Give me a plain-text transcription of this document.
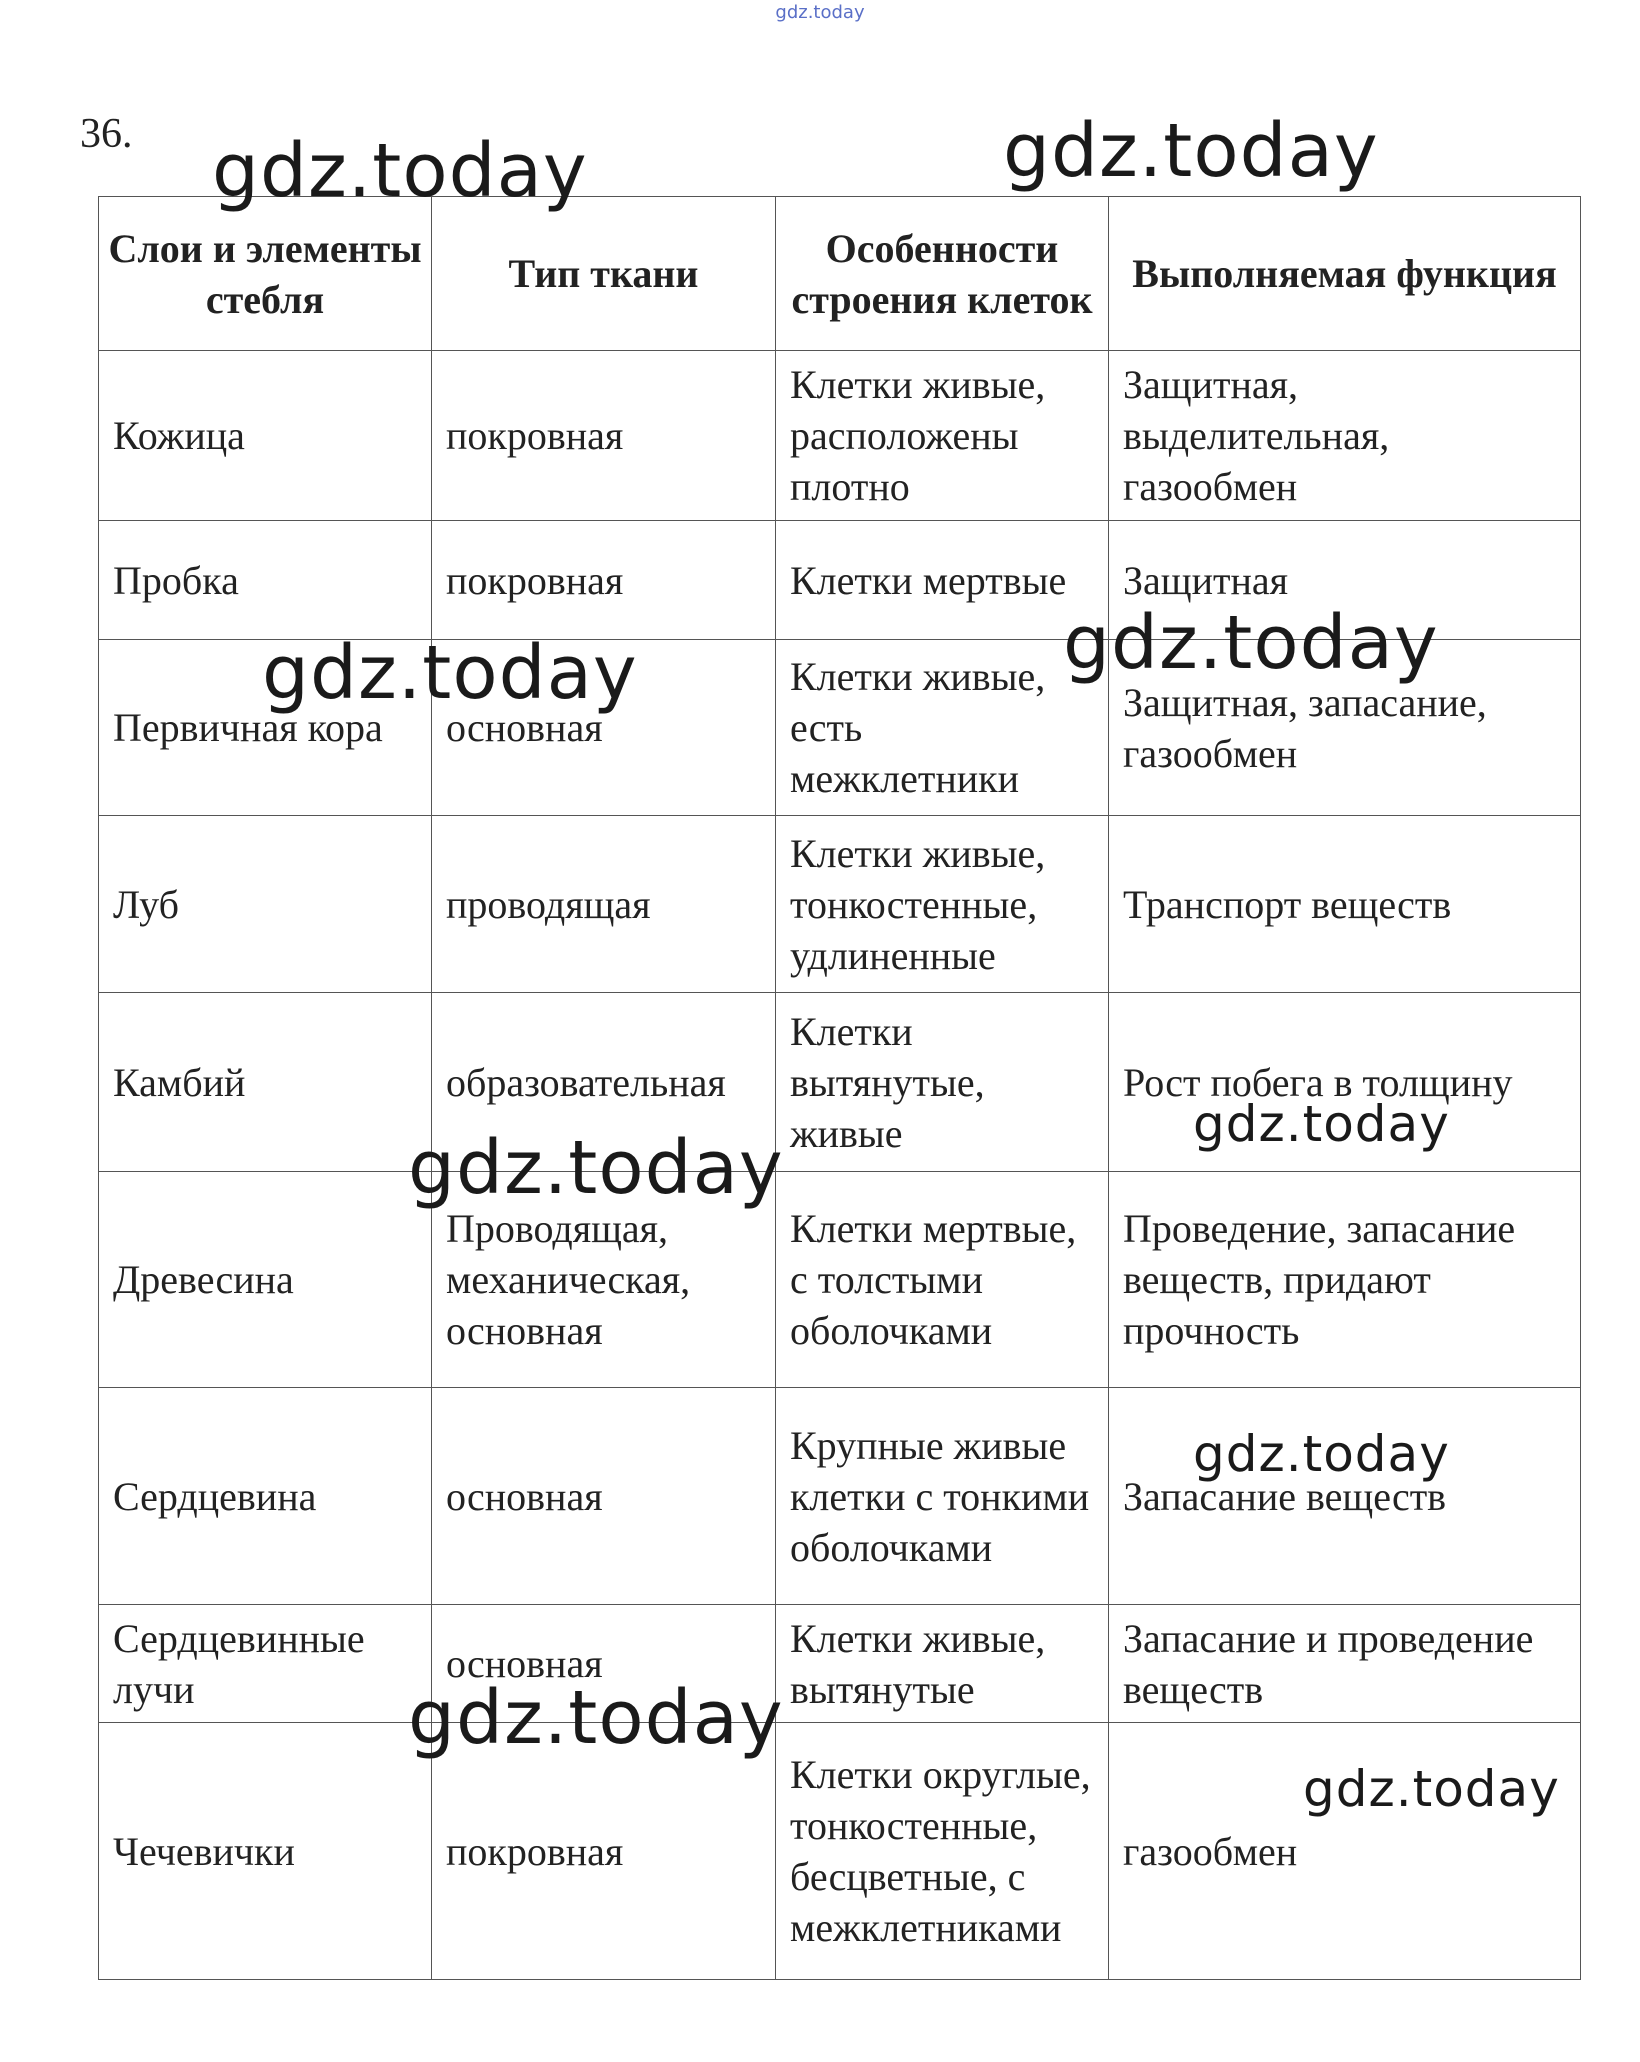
gdz.today
36.
Слои и элементы стебля	Тип ткани	Особенности строения клеток	Выполняемая функция
Кожица	покровная	Клетки живые, расположены плотно	Защитная, выделительная, газообмен
Пробка	покровная	Клетки мертвые	Защитная
Первичная кора	основная	Клетки живые, есть межклетники	Защитная, запасание, газообмен
Луб	проводящая	Клетки живые, тонкостенные, удлиненные	Транспорт веществ
Камбий	образовательная	Клетки вытянутые, живые	Рост побега в толщину
Древесина	Проводящая, механическая, основная	Клетки мертвые, с толстыми оболочками	Проведение, запасание веществ, придают прочность
Сердцевина	основная	Крупные живые клетки с тонкими оболочками	Запасание веществ
Сердцевинные лучи	основная	Клетки живые, вытянутые	Запасание и проведение веществ
Чечевички	покровная	Клетки округлые, тонкостенные, бесцветные, с межклетниками	газообмен
gdz.today	gdz.today
gdz.today	gdz.today
gdz.today
gdz.today
gdz.today
gdz.today
gdz.today
